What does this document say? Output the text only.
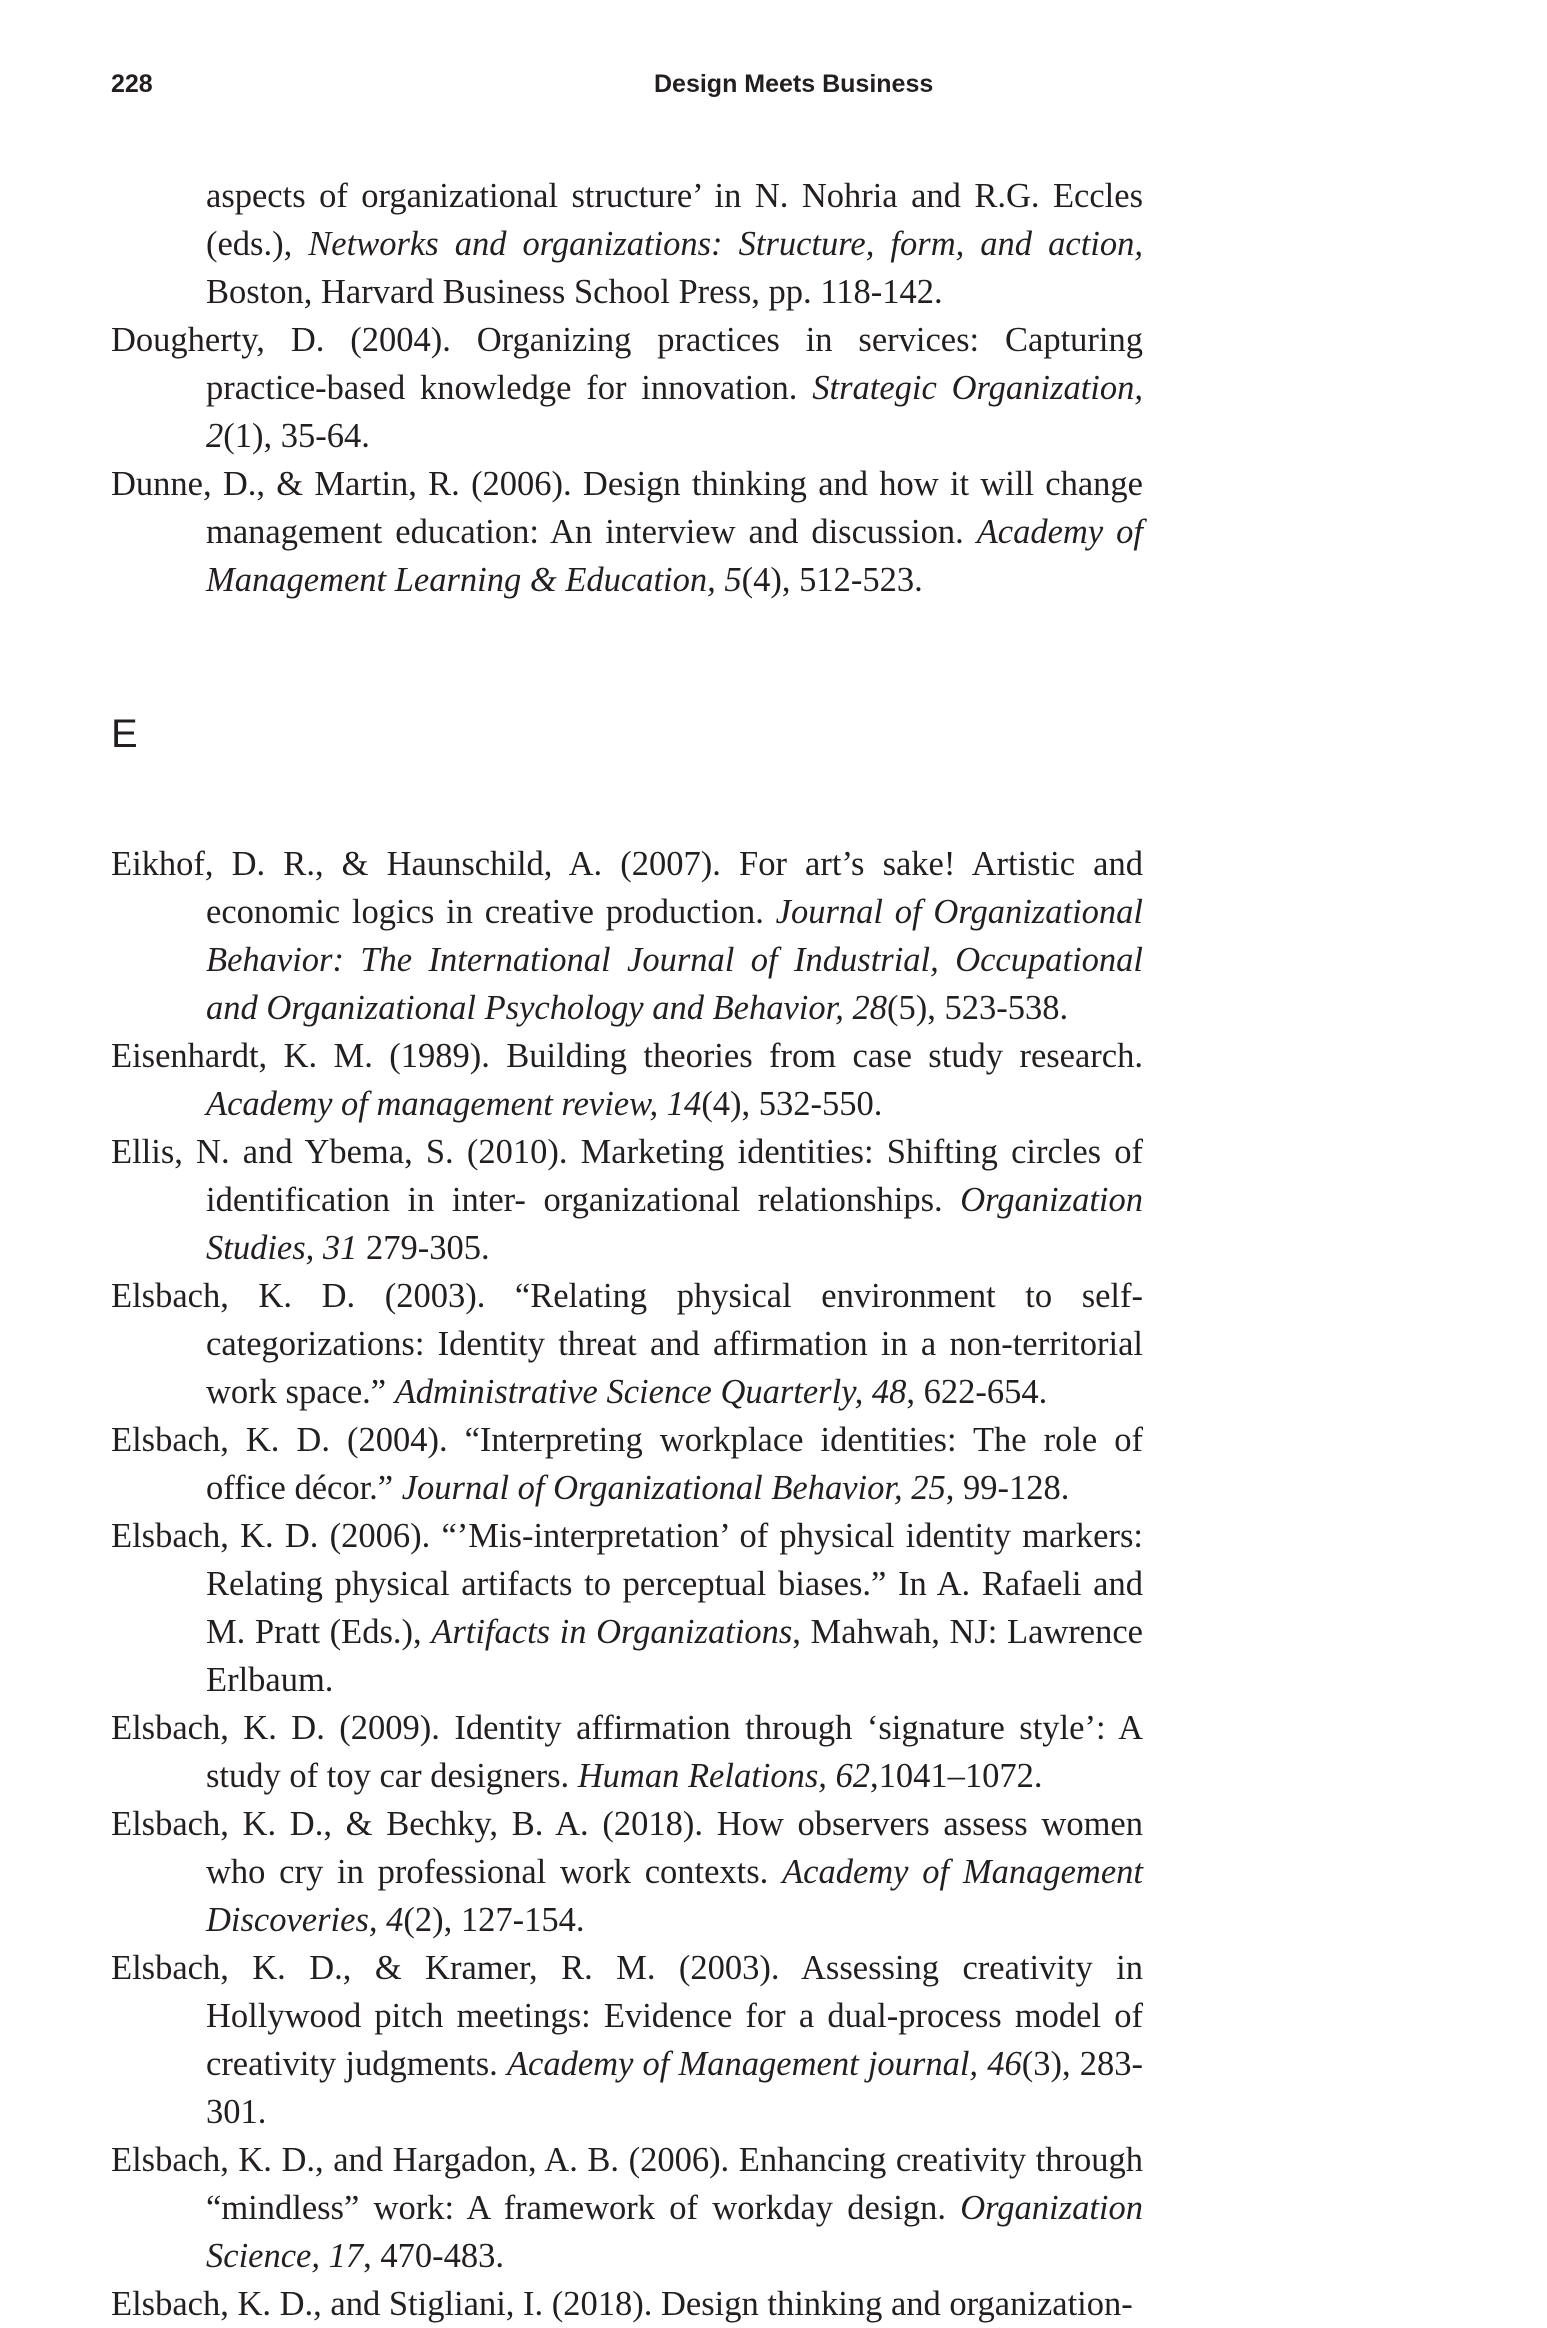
228	Design Meets Business

aspects of organizational structure’ in N. Nohria and R.G. Eccles (eds.), Networks and organizations: Structure, form, and action, Boston, Harvard Business School Press, pp. 118-142.

Dougherty, D. (2004). Organizing practices in services: Capturing practice-based knowledge for innovation. Strategic Organization, 2(1), 35-64.

Dunne, D., & Martin, R. (2006). Design thinking and how it will change management education: An interview and discussion. Academy of Management Learning & Education, 5(4), 512-523.

E

Eikhof, D. R., & Haunschild, A. (2007). For art’s sake! Artistic and economic logics in creative production. Journal of Organizational Behavior: The International Journal of Industrial, Occupational and Organizational Psychology and Behavior, 28(5), 523-538.

Eisenhardt, K. M. (1989). Building theories from case study research. Academy of management review, 14(4), 532-550.

Ellis, N. and Ybema, S. (2010). Marketing identities: Shifting circles of identification in inter- organizational relationships. Organization Studies, 31 279-305.

Elsbach, K. D. (2003). “Relating physical environment to self-categorizations: Identity threat and affirmation in a non-territorial work space.” Administrative Science Quarterly, 48, 622-654.

Elsbach, K. D. (2004). “Interpreting workplace identities: The role of office décor.” Journal of Organizational Behavior, 25, 99-128.

Elsbach, K. D. (2006). “’Mis-interpretation’ of physical identity markers: Relating physical artifacts to perceptual biases.” In A. Rafaeli and M. Pratt (Eds.), Artifacts in Organizations, Mahwah, NJ: Lawrence Erlbaum.

Elsbach, K. D. (2009). Identity affirmation through ‘signature style’: A study of toy car designers. Human Relations, 62,1041–1072.

Elsbach, K. D., & Bechky, B. A. (2018). How observers assess women who cry in professional work contexts. Academy of Management Discoveries, 4(2), 127-154.

Elsbach, K. D., & Kramer, R. M. (2003). Assessing creativity in Hollywood pitch meetings: Evidence for a dual-process model of creativity judgments. Academy of Management journal, 46(3), 283-301.

Elsbach, K. D., and Hargadon, A. B. (2006). Enhancing creativity through “mindless” work: A framework of workday design. Organization Science, 17, 470-483.

Elsbach, K. D., and Stigliani, I. (2018). Design thinking and organization-
